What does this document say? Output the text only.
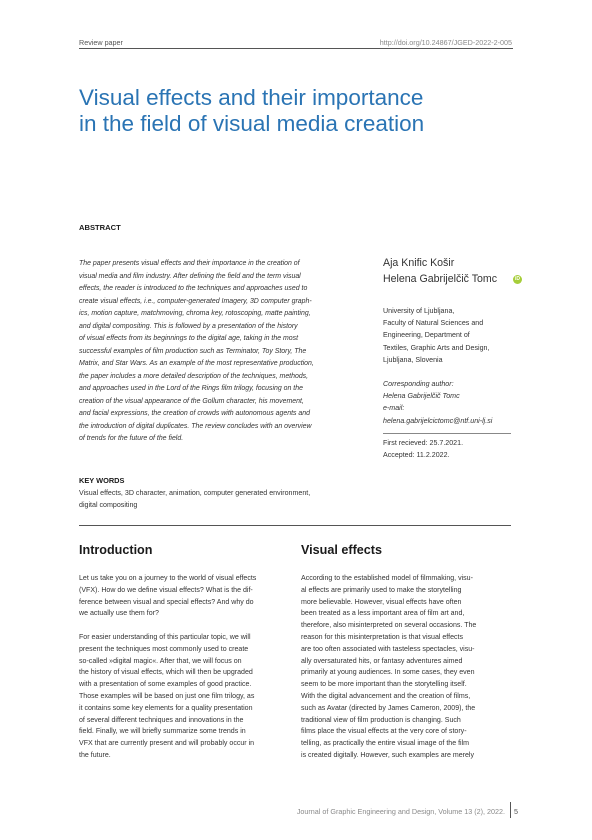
Review paper	http://doi.org/10.24867/JGED-2022-2-005
Visual effects and their importance
in the field of visual media creation
ABSTRACT
The paper presents visual effects and their importance in the creation of
visual media and film industry. After defining the field and the term visual
effects, the reader is introduced to the techniques and approaches used to
create visual effects, i.e., computer-generated Imagery, 3D computer graph-
ics, motion capture, matchmoving, chroma key, rotoscoping, matte painting,
and digital compositing. This is followed by a presentation of the history
of visual effects from its beginnings to the digital age, taking in the most
successful examples of film production such as Terminator, Toy Story, The
Matrix, and Star Wars. As an example of the most representative production,
the paper includes a more detailed description of the techniques, methods,
and approaches used in the Lord of the Rings film trilogy, focusing on the
creation of the visual appearance of the Gollum character, his movement,
and facial expressions, the creation of crowds with autonomous agents and
the introduction of digital duplicates. The review concludes with an overview
of trends for the future of the field.
Aja Knific Košir
Helena Gabrijelčič Tomc	iD
University of Ljubljana,
Faculty of Natural Sciences and
Engineering, Department of
Textiles, Graphic Arts and Design,
Ljubljana, Slovenia
Corresponding author:
Helena Gabrijelčič Tomc
e-mail:
helena.gabrijelcictomc@ntf.uni-lj.si
First recieved: 25.7.2021.
Accepted: 11.2.2022.
KEY WORDS
Visual effects, 3D character, animation, computer generated environment,
digital compositing
Introduction	Visual effects
Let us take you on a journey to the world of visual effects
(VFX). How do we define visual effects? What is the dif-
ference between visual and special effects? And why do
we actually use them for?

For easier understanding of this particular topic, we will
present the techniques most commonly used to create
so-called »digital magic«. After that, we will focus on
the history of visual effects, which will then be upgraded
with a presentation of some examples of good practice.
Those examples will be based on just one film trilogy, as
it contains some key elements for a quality presentation
of several different techniques and innovations in the
field. Finally, we will briefly summarize some trends in
VFX that are currently present and will probably occur in
the future.
According to the established model of filmmaking, visu-
al effects are primarily used to make the storytelling
more believable. However, visual effects have often
been treated as a less important area of film art and,
therefore, also misinterpreted on several occasions. The
reason for this misinterpretation is that visual effects
are too often associated with tasteless spectacles, visu-
ally oversaturated hits, or fantasy adventures aimed
primarily at young audiences. In some cases, they even
seem to be more important than the storytelling itself.
With the digital advancement and the creation of films,
such as Avatar (directed by James Cameron, 2009), the
traditional view of film production is changing. Such
films place the visual effects at the very core of story-
telling, as practically the entire visual image of the film
is created digitally. However, such examples are merely
Journal of Graphic Engineering and Design, Volume 13 (2), 2022. 5
